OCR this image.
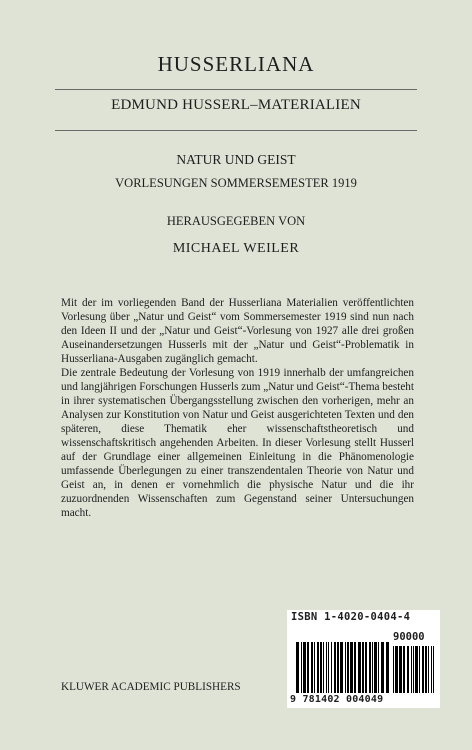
HUSSERLIANA
EDMUND HUSSERL–MATERIALIEN
NATUR UND GEIST
VORLESUNGEN SOMMERSEMESTER 1919
HERAUSGEGEBEN VON
MICHAEL WEILER

Mit der im vorliegenden Band der Husserliana Materialien veröffentlichten Vorlesung über „Natur und Geist“ vom Sommersemester 1919 sind nun nach den Ideen II und der „Natur und Geist“-Vorlesung von 1927 alle drei großen Auseinandersetzungen Husserls mit der „Natur und Geist“-Problematik in Husserliana-Ausgaben zugänglich gemacht.

Die zentrale Bedeutung der Vorlesung von 1919 innerhalb der umfangreichen und langjährigen Forschungen Husserls zum „Natur und Geist“-Thema besteht in ihrer systematischen Übergangsstellung zwischen den vorherigen, mehr an Analysen zur Konstitution von Natur und Geist ausgerichteten Texten und den späteren, diese Thematik eher wissenschaftstheoretisch und wissenschaftskritisch angehenden Arbeiten. In dieser Vorlesung stellt Husserl auf der Grundlage einer allgemeinen Einleitung in die Phänomenologie umfassende Überlegungen zu einer transzendentalen Theorie von Natur und Geist an, in denen er vornehmlich die physische Natur und die ihr zuzuordnenden Wissenschaften zum Gegenstand seiner Untersuchungen macht.

KLUWER ACADEMIC PUBLISHERS
ISBN 1-4020-0404-4
90000
9 781402 004049
